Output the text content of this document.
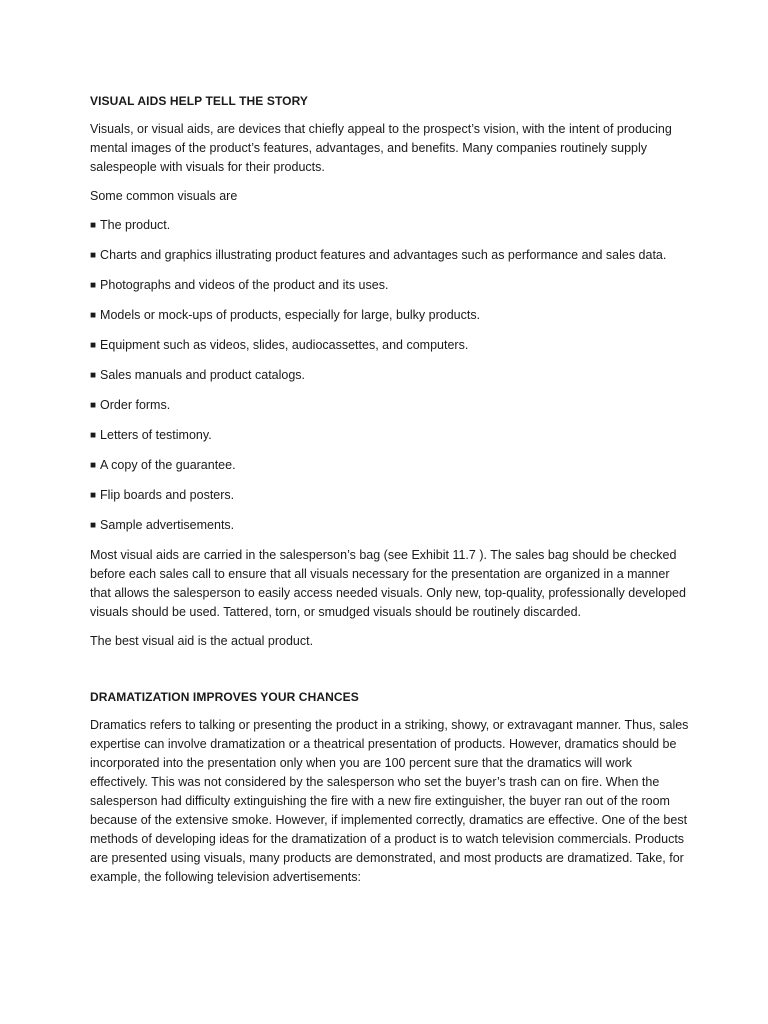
VISUAL AIDS HELP TELL THE STORY

Visuals, or visual aids, are devices that chiefly appeal to the prospect’s vision, with the intent of producing mental images of the product’s features, advantages, and benefits. Many companies routinely supply salespeople with visuals for their products.

Some common visuals are

■ The product.
■ Charts and graphics illustrating product features and advantages such as performance and sales data.
■ Photographs and videos of the product and its uses.
■ Models or mock-ups of products, especially for large, bulky products.
■ Equipment such as videos, slides, audiocassettes, and computers.
■ Sales manuals and product catalogs.
■ Order forms.
■ Letters of testimony.
■ A copy of the guarantee.
■ Flip boards and posters.
■ Sample advertisements.

Most visual aids are carried in the salesperson’s bag (see Exhibit 11.7 ). The sales bag should be checked before each sales call to ensure that all visuals necessary for the presentation are organized in a manner that allows the salesperson to easily access needed visuals. Only new, top-quality, professionally developed visuals should be used. Tattered, torn, or smudged visuals should be routinely discarded.

The best visual aid is the actual product.

DRAMATIZATION IMPROVES YOUR CHANCES

Dramatics refers to talking or presenting the product in a striking, showy, or extravagant manner. Thus, sales expertise can involve dramatization or a theatrical presentation of products. However, dramatics should be incorporated into the presentation only when you are 100 percent sure that the dramatics will work effectively. This was not considered by the salesperson who set the buyer’s trash can on fire. When the salesperson had difficulty extinguishing the fire with a new fire extinguisher, the buyer ran out of the room because of the extensive smoke. However, if implemented correctly, dramatics are effective. One of the best methods of developing ideas for the dramatization of a product is to watch television commercials. Products are presented using visuals, many products are demonstrated, and most products are dramatized. Take, for example, the following television advertisements:
